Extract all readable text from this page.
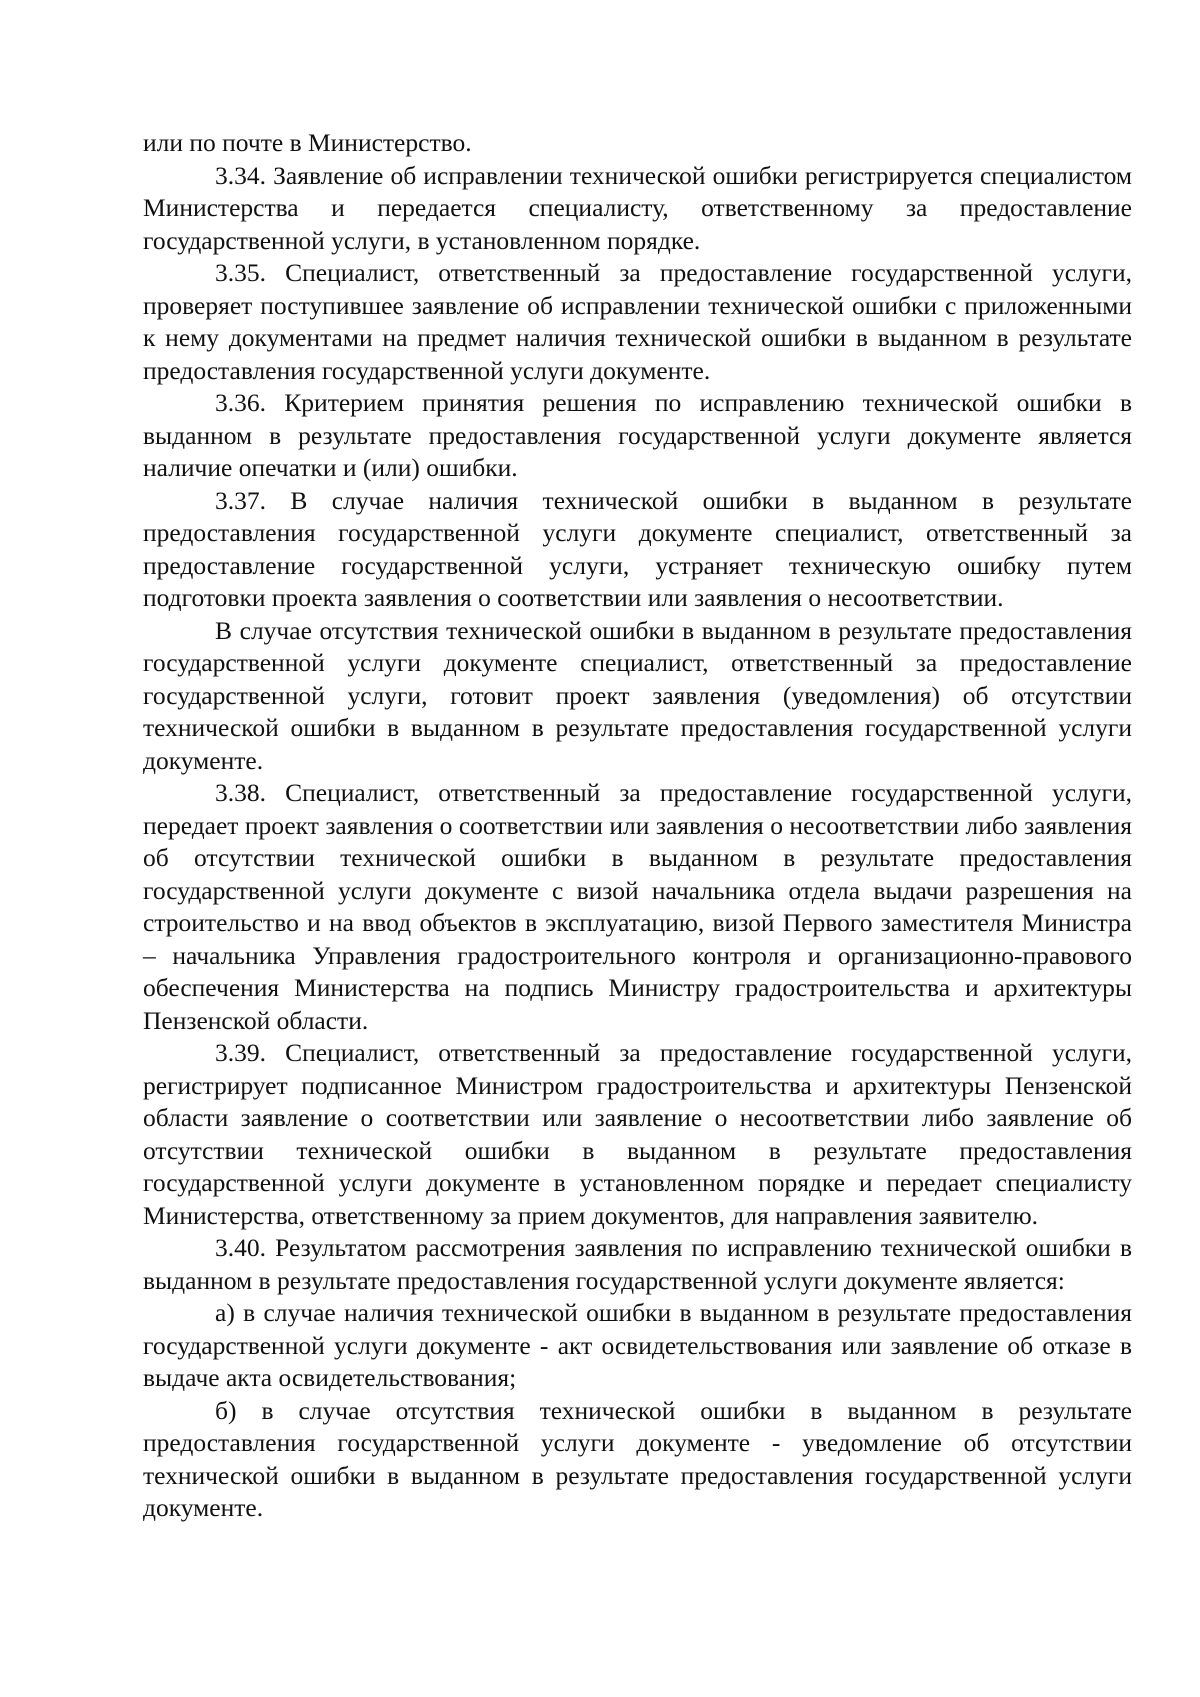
или по почте в Министерство.

3.34. Заявление об исправлении технической ошибки регистрируется специалистом Министерства и передается специалисту, ответственному за предоставление государственной услуги, в установленном порядке.

3.35. Специалист, ответственный за предоставление государственной услуги, проверяет поступившее заявление об исправлении технической ошибки с приложенными к нему документами на предмет наличия технической ошибки в выданном в результате предоставления государственной услуги документе.

3.36. Критерием принятия решения по исправлению технической ошибки в выданном в результате предоставления государственной услуги документе является наличие опечатки и (или) ошибки.

3.37. В случае наличия технической ошибки в выданном в результате предоставления государственной услуги документе специалист, ответственный за предоставление государственной услуги, устраняет техническую ошибку путем подготовки проекта заявления о соответствии или заявления о несоответствии.

В случае отсутствия технической ошибки в выданном в результате предоставления государственной услуги документе специалист, ответственный за предоставление государственной услуги, готовит проект заявления (уведомления) об отсутствии технической ошибки в выданном в результате предоставления государственной услуги документе.

3.38. Специалист, ответственный за предоставление государственной услуги, передает проект заявления о соответствии или заявления о несоответствии либо заявления об отсутствии технической ошибки в выданном в результате предоставления государственной услуги документе с визой начальника отдела выдачи разрешения на строительство и на ввод объектов в эксплуатацию, визой Первого заместителя Министра – начальника Управления градостроительного контроля и организационно-правового обеспечения Министерства на подпись Министру градостроительства и архитектуры Пензенской области.

3.39. Специалист, ответственный за предоставление государственной услуги, регистрирует подписанное Министром градостроительства и архитектуры Пензенской области заявление о соответствии или заявление о несоответствии либо заявление об отсутствии технической ошибки в выданном в результате предоставления государственной услуги документе в установленном порядке и передает специалисту Министерства, ответственному за прием документов, для направления заявителю.

3.40. Результатом рассмотрения заявления по исправлению технической ошибки в выданном в результате предоставления государственной услуги документе является:

а) в случае наличия технической ошибки в выданном в результате предоставления государственной услуги документе - акт освидетельствования или заявление об отказе в выдаче акта освидетельствования;

б) в случае отсутствия технической ошибки в выданном в результате предоставления государственной услуги документе - уведомление об отсутствии технической ошибки в выданном в результате предоставления государственной услуги документе.
